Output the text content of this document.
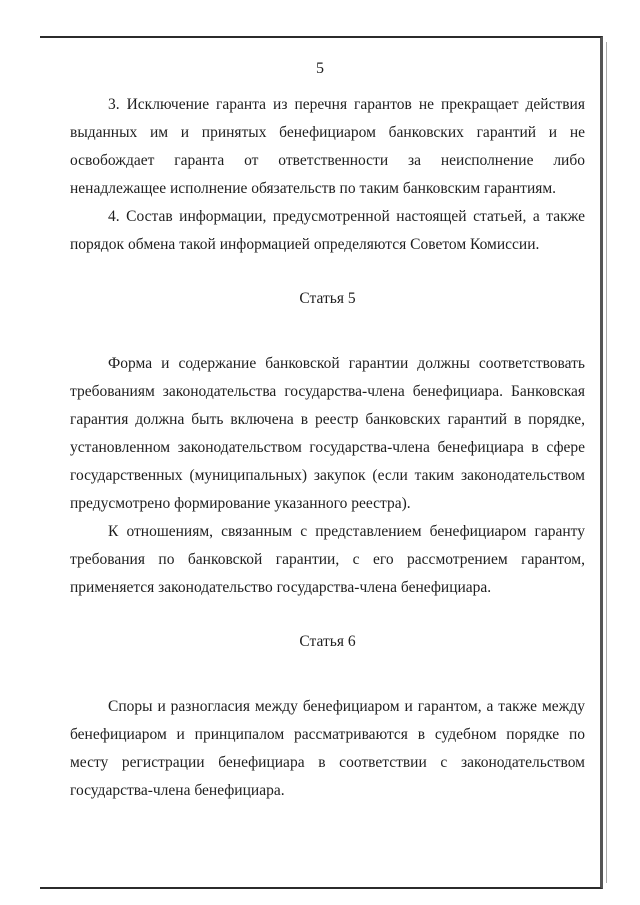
5

3. Исключение гаранта из перечня гарантов не прекращает действия выданных им и принятых бенефициаром банковских гарантий и не освобождает гаранта от ответственности за неисполнение либо ненадлежащее исполнение обязательств по таким банковским гарантиям.

4. Состав информации, предусмотренной настоящей статьей, а также порядок обмена такой информацией определяются Советом Комиссии.

Статья 5

Форма и содержание банковской гарантии должны соответствовать требованиям законодательства государства-члена бенефициара. Банковская гарантия должна быть включена в реестр банковских гарантий в порядке, установленном законодательством государства-члена бенефициара в сфере государственных (муниципальных) закупок (если таким законодательством предусмотрено формирование указанного реестра).

К отношениям, связанным с представлением бенефициаром гаранту требования по банковской гарантии, с его рассмотрением гарантом, применяется законодательство государства-члена бенефициара.

Статья 6

Споры и разногласия между бенефициаром и гарантом, а также между бенефициаром и принципалом рассматриваются в судебном порядке по месту регистрации бенефициара в соответствии с законодательством государства-члена бенефициара.
